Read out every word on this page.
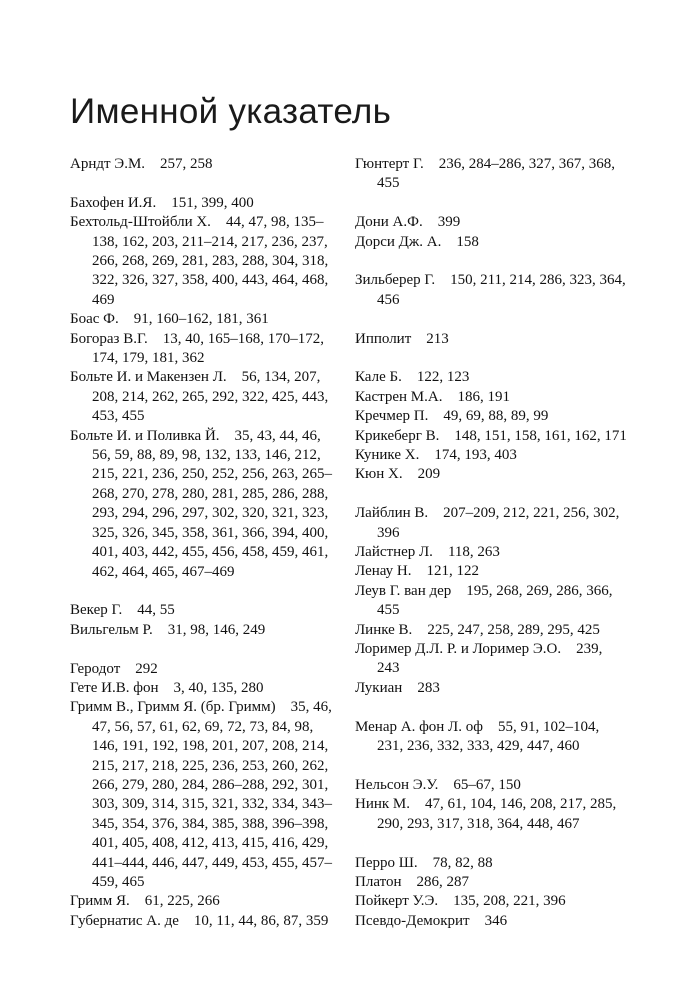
Именной указатель
Арндт Э.М.  257, 258
Бахофен И.Я.  151, 399, 400
Бехтольд-Штойбли Х.  44, 47, 98, 135–138, 162, 203, 211–214, 217, 236, 237, 266, 268, 269, 281, 283, 288, 304, 318, 322, 326, 327, 358, 400, 443, 464, 468, 469
Боас Ф.  91, 160–162, 181, 361
Богораз В.Г.  13, 40, 165–168, 170–172, 174, 179, 181, 362
Больте И. и Макензен Л.  56, 134, 207, 208, 214, 262, 265, 292, 322, 425, 443, 453, 455
Больте И. и Поливка Й.  35, 43, 44, 46, 56, 59, 88, 89, 98, 132, 133, 146, 212, 215, 221, 236, 250, 252, 256, 263, 265–268, 270, 278, 280, 281, 285, 286, 288, 293, 294, 296, 297, 302, 320, 321, 323, 325, 326, 345, 358, 361, 366, 394, 400, 401, 403, 442, 455, 456, 458, 459, 461, 462, 464, 465, 467–469
Векер Г.  44, 55
Вильгельм Р.  31, 98, 146, 249
Геродот  292
Гете И.В. фон  3, 40, 135, 280
Гримм В., Гримм Я. (бр. Гримм)  35, 46, 47, 56, 57, 61, 62, 69, 72, 73, 84, 98, 146, 191, 192, 198, 201, 207, 208, 214, 215, 217, 218, 225, 236, 253, 260, 262, 266, 279, 280, 284, 286–288, 292, 301, 303, 309, 314, 315, 321, 332, 334, 343–345, 354, 376, 384, 385, 388, 396–398, 401, 405, 408, 412, 413, 415, 416, 429, 441–444, 446, 447, 449, 453, 455, 457–459, 465
Гримм Я.  61, 225, 266
Губернатис А. де  10, 11, 44, 86, 87, 359
Гюнтерт Г.  236, 284–286, 327, 367, 368, 455
Дони А.Ф.  399
Дорси Дж. А.  158
Зильберер Г.  150, 211, 214, 286, 323, 364, 456
Ипполит  213
Кале Б.  122, 123
Кастрен М.А.  186, 191
Кречмер П.  49, 69, 88, 89, 99
Крикеберг В.  148, 151, 158, 161, 162, 171
Кунике Х.  174, 193, 403
Кюн Х.  209
Лайблин В.  207–209, 212, 221, 256, 302, 396
Лайстнер Л.  118, 263
Ленау Н.  121, 122
Леув Г. ван дер  195, 268, 269, 286, 366, 455
Линке В.  225, 247, 258, 289, 295, 425
Лоример Д.Л. Р. и Лоример Э.О.  239, 243
Лукиан  283
Менар А. фон Л. оф  55, 91, 102–104, 231, 236, 332, 333, 429, 447, 460
Нельсон Э.У.  65–67, 150
Нинк М.  47, 61, 104, 146, 208, 217, 285, 290, 293, 317, 318, 364, 448, 467
Перро Ш.  78, 82, 88
Платон  286, 287
Пойкерт У.Э.  135, 208, 221, 396
Псевдо-Демокрит  346
